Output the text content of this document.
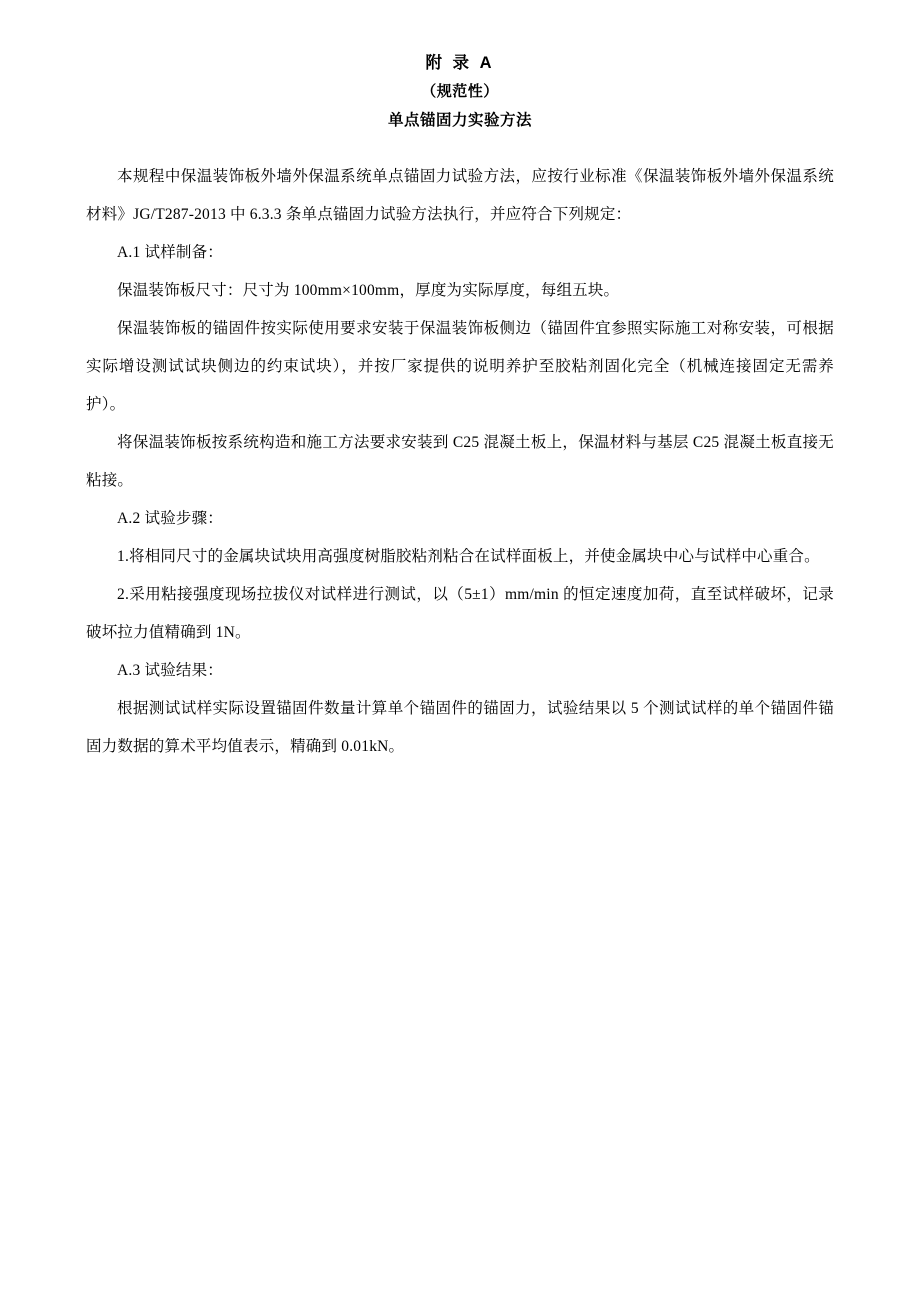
附 录 A
（规范性）
单点锚固力实验方法

本规程中保温装饰板外墙外保温系统单点锚固力试验方法，应按行业标准《保温装饰板外墙外保温系统材料》JG/T287-2013 中 6.3.3 条单点锚固力试验方法执行，并应符合下列规定：

A.1 试样制备：

保温装饰板尺寸：尺寸为 100mm×100mm，厚度为实际厚度，每组五块。

保温装饰板的锚固件按实际使用要求安装于保温装饰板侧边（锚固件宜参照实际施工对称安装，可根据实际增设测试试块侧边的约束试块），并按厂家提供的说明养护至胶粘剂固化完全（机械连接固定无需养护）。

将保温装饰板按系统构造和施工方法要求安装到 C25 混凝土板上，保温材料与基层 C25 混凝土板直接无粘接。

A.2 试验步骤：

1.将相同尺寸的金属块试块用高强度树脂胶粘剂粘合在试样面板上，并使金属块中心与试样中心重合。

2.采用粘接强度现场拉拔仪对试样进行测试，以（5±1）mm/min 的恒定速度加荷，直至试样破坏，记录破坏拉力值精确到 1N。

A.3 试验结果：

根据测试试样实际设置锚固件数量计算单个锚固件的锚固力，试验结果以 5 个测试试样的单个锚固件锚固力数据的算术平均值表示，精确到 0.01kN。
